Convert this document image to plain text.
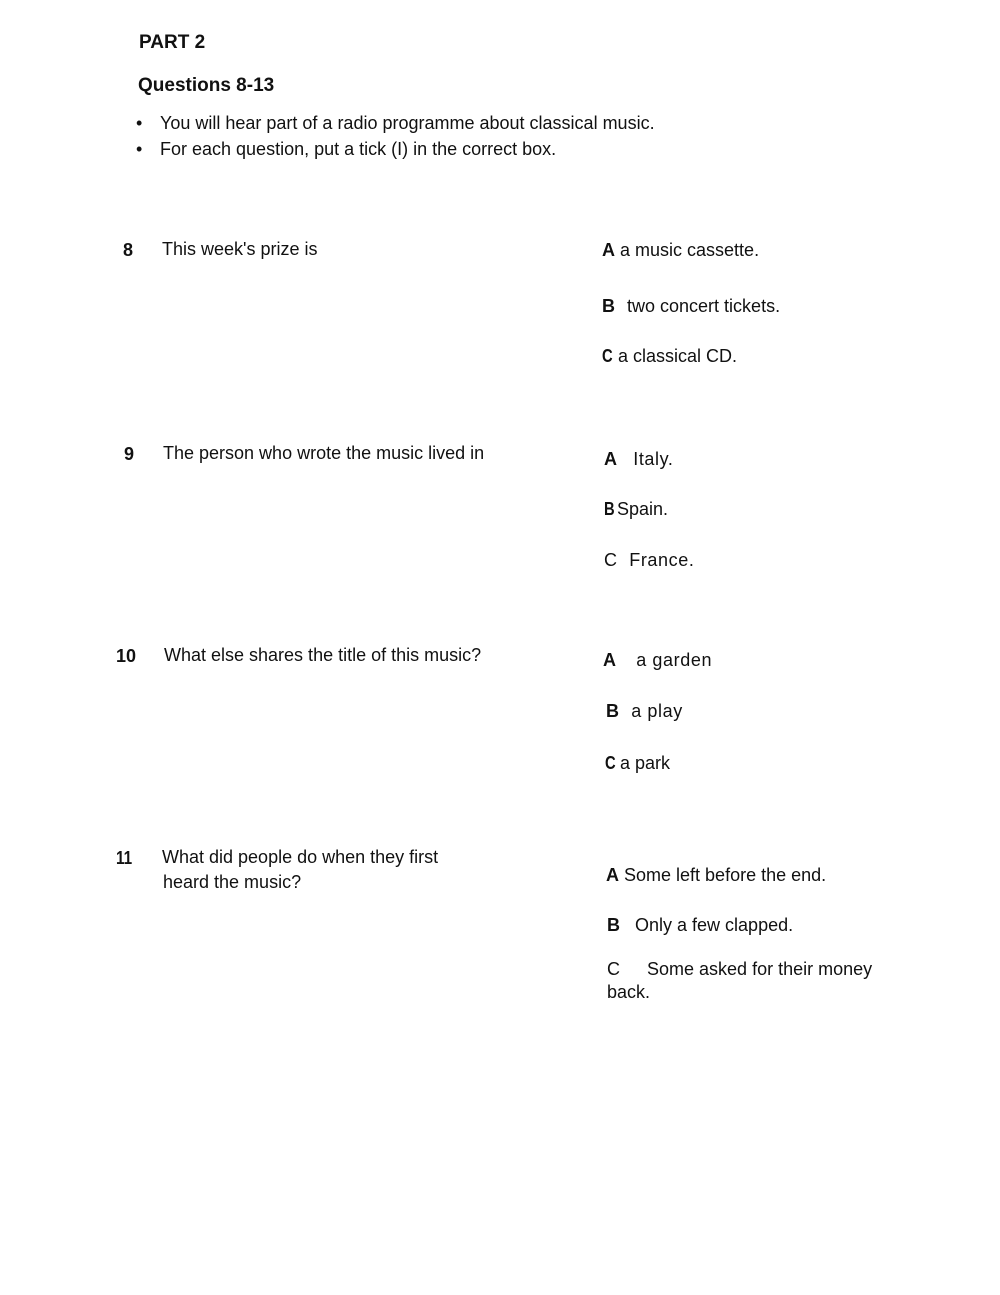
PART 2
Questions 8-13
• You will hear part of a radio programme about classical music.
• For each question, put a tick (I) in the correct box.
8 This week's prize is	A a music cassette.
B two concert tickets.
C a classical CD.
9 The person who wrote the music lived in	A Italy.
B Spain.
C France.
10 What else shares the title of this music?	A a garden
B a play
C a park
11 What did people do when they first
heard the music?	A Some left before the end.
B Only a few clapped.
C Some asked for their money
back.
